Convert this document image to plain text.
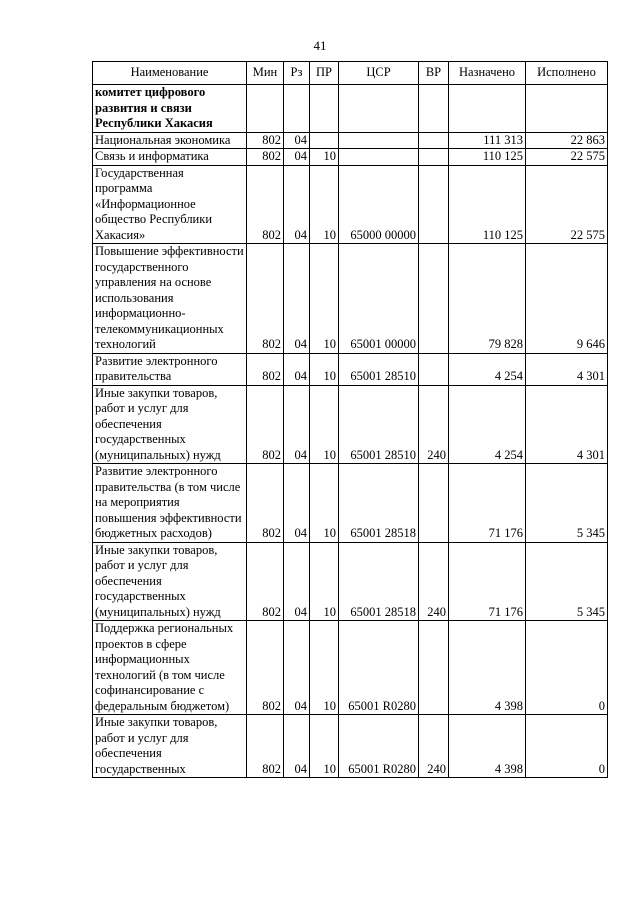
41
Наименование	Мин	Рз	ПР	ЦСР	ВР	Назначено	Исполнено
комитет цифрового развития и связи Республики Хакасия							
Национальная экономика	802	04				111 313	22 863
Связь и информатика	802	04	10			110 125	22 575
Государственная программа «Информационное общество Республики Хакасия»	802	04	10	65000 00000		110 125	22 575
Повышение эффективности государственного управления на основе использования информационно-телекоммуникационных технологий	802	04	10	65001 00000		79 828	9 646
Развитие электронного правительства	802	04	10	65001 28510		4 254	4 301
Иные закупки товаров, работ и услуг для обеспечения государственных (муниципальных) нужд	802	04	10	65001 28510	240	4 254	4 301
Развитие электронного правительства (в том числе на мероприятия повышения эффективности бюджетных расходов)	802	04	10	65001 28518		71 176	5 345
Иные закупки товаров, работ и услуг для обеспечения государственных (муниципальных) нужд	802	04	10	65001 28518	240	71 176	5 345
Поддержка региональных проектов в сфере информационных технологий (в том числе софинансирование с федеральным бюджетом)	802	04	10	65001 R0280		4 398	0
Иные закупки товаров, работ и услуг для обеспечения государственных	802	04	10	65001 R0280	240	4 398	0
